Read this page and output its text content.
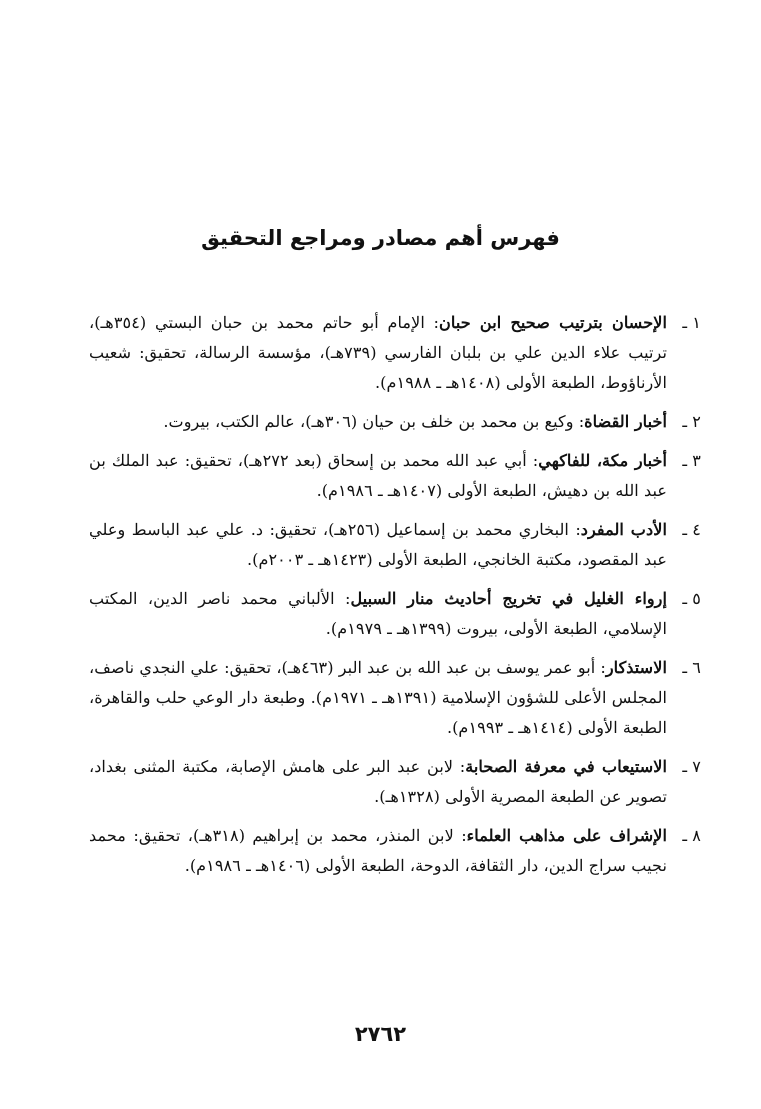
فهرس أهم مصادر ومراجع التحقيق
١ ـ
الإحسان بترتيب صحيح ابن حبان: الإمام أبو حاتم محمد بن حبان البستي (٣٥٤هـ)، ترتيب علاء الدين علي بن بلبان الفارسي (٧٣٩هـ)، مؤسسة الرسالة، تحقيق: شعيب الأرناؤوط، الطبعة الأولى (١٤٠٨هـ ـ ١٩٨٨م).
٢ ـ
أخبار القضاة: وكيع بن محمد بن خلف بن حيان (٣٠٦هـ)، عالم الكتب، بيروت.
٣ ـ
أخبار مكة، للفاكهي: أبي عبد الله محمد بن إسحاق (بعد ٢٧٢هـ)، تحقيق: عبد الملك بن عبد الله بن دهيش، الطبعة الأولى (١٤٠٧هـ ـ ١٩٨٦م).
٤ ـ
الأدب المفرد: البخاري محمد بن إسماعيل (٢٥٦هـ)، تحقيق: د. علي عبد الباسط وعلي عبد المقصود، مكتبة الخانجي، الطبعة الأولى (١٤٢٣هـ ـ ٢٠٠٣م).
٥ ـ
إرواء الغليل في تخريج أحاديث منار السبيل: الألباني محمد ناصر الدين، المكتب الإسلامي، الطبعة الأولى، بيروت (١٣٩٩هـ ـ ١٩٧٩م).
٦ ـ
الاستذكار: أبو عمر يوسف بن عبد الله بن عبد البر (٤٦٣هـ)، تحقيق: علي النجدي ناصف، المجلس الأعلى للشؤون الإسلامية (١٣٩١هـ ـ ١٩٧١م). وطبعة دار الوعي حلب والقاهرة، الطبعة الأولى (١٤١٤هـ ـ ١٩٩٣م).
٧ ـ
الاستيعاب في معرفة الصحابة: لابن عبد البر على هامش الإصابة، مكتبة المثنى بغداد، تصوير عن الطبعة المصرية الأولى (١٣٢٨هـ).
٨ ـ
الإشراف على مذاهب العلماء: لابن المنذر، محمد بن إبراهيم (٣١٨هـ)، تحقيق: محمد نجيب سراج الدين، دار الثقافة، الدوحة، الطبعة الأولى (١٤٠٦هـ ـ ١٩٨٦م).
٢٧٦٢
